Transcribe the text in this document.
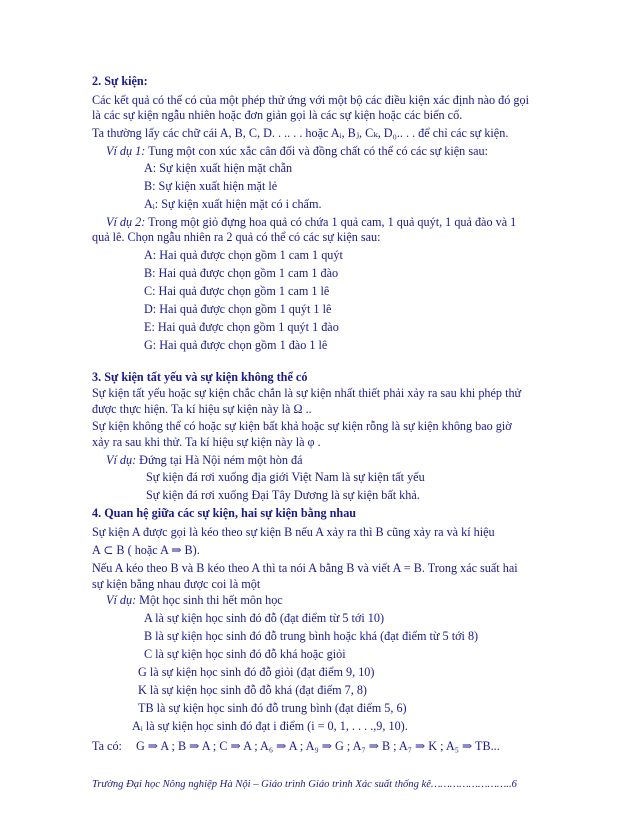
2. Sự kiện:
Các kết quả có thể có của một phép thử ứng với một bộ các điều kiện xác định nào đó gọi
là các sự kiện ngẫu nhiên hoặc đơn giản gọi là các sự kiện hoặc các biến cố.
Ta thường lấy các chữ cái A, B, C, D. . .. . . hoặc Aᵢ, Bⱼ, Cₖ, D₀.. . . để chỉ các sự kiện.
Ví dụ 1: Tung một con xúc xắc cân đối và đồng chất có thể có các sự kiện sau:
A: Sự kiện xuất hiện mặt chẵn
B: Sự kiện xuất hiện mặt lẻ
Aᵢ: Sự kiện xuất hiện mặt có i chấm.
Ví dụ 2: Trong một giỏ đựng hoa quả có chứa 1 quả cam, 1 quả quýt, 1 quả đào và 1
quả lê. Chọn ngẫu nhiên ra 2 quả có thể có các sự kiện sau:
A: Hai quả được chọn gồm 1 cam 1 quýt
B: Hai quả được chọn gồm 1 cam 1 đào
C: Hai quả được chọn gồm 1 cam 1 lê
D: Hai quả được chọn gồm 1 quýt 1 lê
E: Hai quả được chọn gồm 1 quýt 1 đào
G: Hai quả được chọn gồm 1 đào 1 lê
3. Sự kiện tất yếu và sự kiện không thể có
Sự kiện tất yếu hoặc sự kiện chắc chắn là sự kiện nhất thiết phải xảy ra sau khi phép thử
được thực hiện. Ta kí hiệu sự kiện này là Ω ..
Sự kiện không thể có hoặc sự kiện bất khả hoặc sự kiện rỗng là sự kiện không bao giờ
xảy ra sau khi thử. Ta kí hiệu sự kiện này là φ .
Ví dụ: Đứng tại Hà Nội ném một hòn đá
Sự kiện đá rơi xuống địa giới Việt Nam là sự kiện tất yếu
Sự kiện đá rơi xuống Đại Tây Dương là sự kiện bất khả.
4. Quan hệ giữa các sự kiện, hai sự kiện bằng nhau
Sự kiện A được gọi là kéo theo sự kiện B nếu A xảy ra thì B cũng xảy ra và kí hiệu
A ⊂ B ( hoặc A ⇒ B).
Nếu A kéo theo B và B kéo theo A thì ta nói A bằng B và viết A = B. Trong xác suất hai
sự kiện bằng nhau được coi là một
Ví dụ: Một học sinh thi hết môn học
A là sự kiện học sinh đó đỗ (đạt điểm từ 5 tới 10)
B là sự kiện học sinh đó đỗ trung bình hoặc khá (đạt điểm từ 5 tới 8)
C là sự kiện học sinh đó đỗ khá hoặc giỏi
G là sự kiện học sinh đó đỗ giỏi (đạt điểm 9, 10)
K là sự kiện học sinh đỗ đỗ khá (đạt điểm 7, 8)
TB là sự kiện học sinh đó đỗ trung bình (đạt điểm 5, 6)
Aᵢ là sự kiện học sinh đó đạt i điểm (i = 0, 1, . . . .,9, 10).
Ta có: G ⇒ A ; B ⇒ A ; C ⇒ A ; A₆ ⇒ A ; A₉ ⇒ G ; A₇ ⇒ B ; A₇ ⇒ K ; A₅ ⇒ TB...
Trường Đại học Nông nghiệp Hà Nội – Giáo trình Giáo trình Xác suất thống kê……………………..6
